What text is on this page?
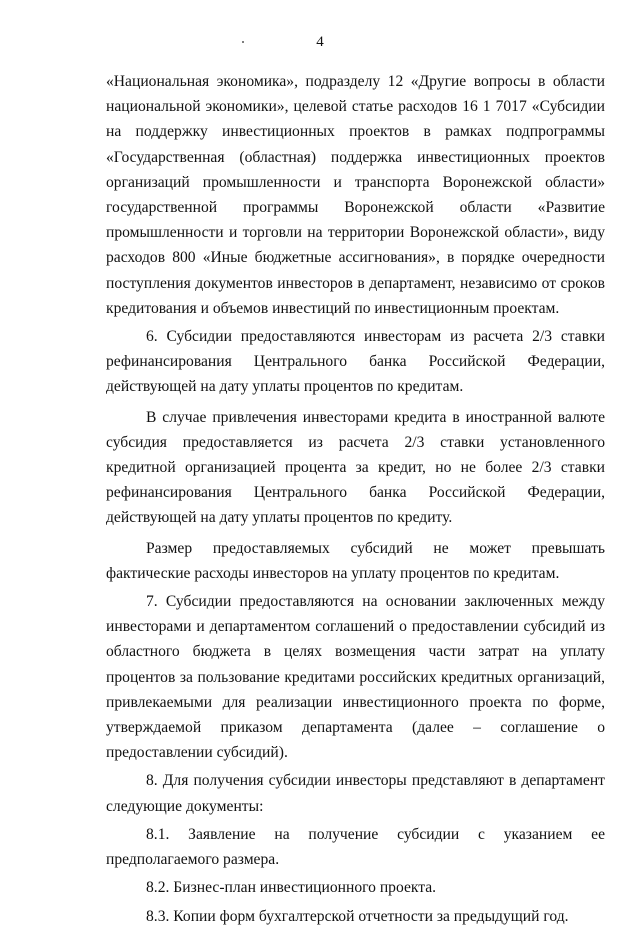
4

«Национальная экономика», подразделу 12 «Другие вопросы в области национальной экономики», целевой статье расходов 16 1 7017 «Субсидии на поддержку инвестиционных проектов в рамках подпрограммы «Государственная (областная) поддержка инвестиционных проектов организаций промышленности и транспорта Воронежской области» государственной программы Воронежской области «Развитие промышленности и торговли на территории Воронежской области», виду расходов 800 «Иные бюджетные ассигнования», в порядке очередности поступления документов инвесторов в департамент, независимо от сроков кредитования и объемов инвестиций по инвестиционным проектам.

6. Субсидии предоставляются инвесторам из расчета 2/3 ставки рефинансирования Центрального банка Российской Федерации, действующей на дату уплаты процентов по кредитам.

В случае привлечения инвесторами кредита в иностранной валюте субсидия предоставляется из расчета 2/3 ставки установленного кредитной организацией процента за кредит, но не более 2/3 ставки рефинансирования Центрального банка Российской Федерации, действующей на дату уплаты процентов по кредиту.

Размер предоставляемых субсидий не может превышать фактические расходы инвесторов на уплату процентов по кредитам.

7. Субсидии предоставляются на основании заключенных между инвесторами и департаментом соглашений о предоставлении субсидий из областного бюджета в целях возмещения части затрат на уплату процентов за пользование кредитами российских кредитных организаций, привлекаемыми для реализации инвестиционного проекта по форме, утверждаемой приказом департамента (далее – соглашение о предоставлении субсидий).

8. Для получения субсидии инвесторы представляют в департамент следующие документы:

8.1. Заявление на получение субсидии с указанием ее предполагаемого размера.

8.2. Бизнес-план инвестиционного проекта.

8.3. Копии форм бухгалтерской отчетности за предыдущий год.
